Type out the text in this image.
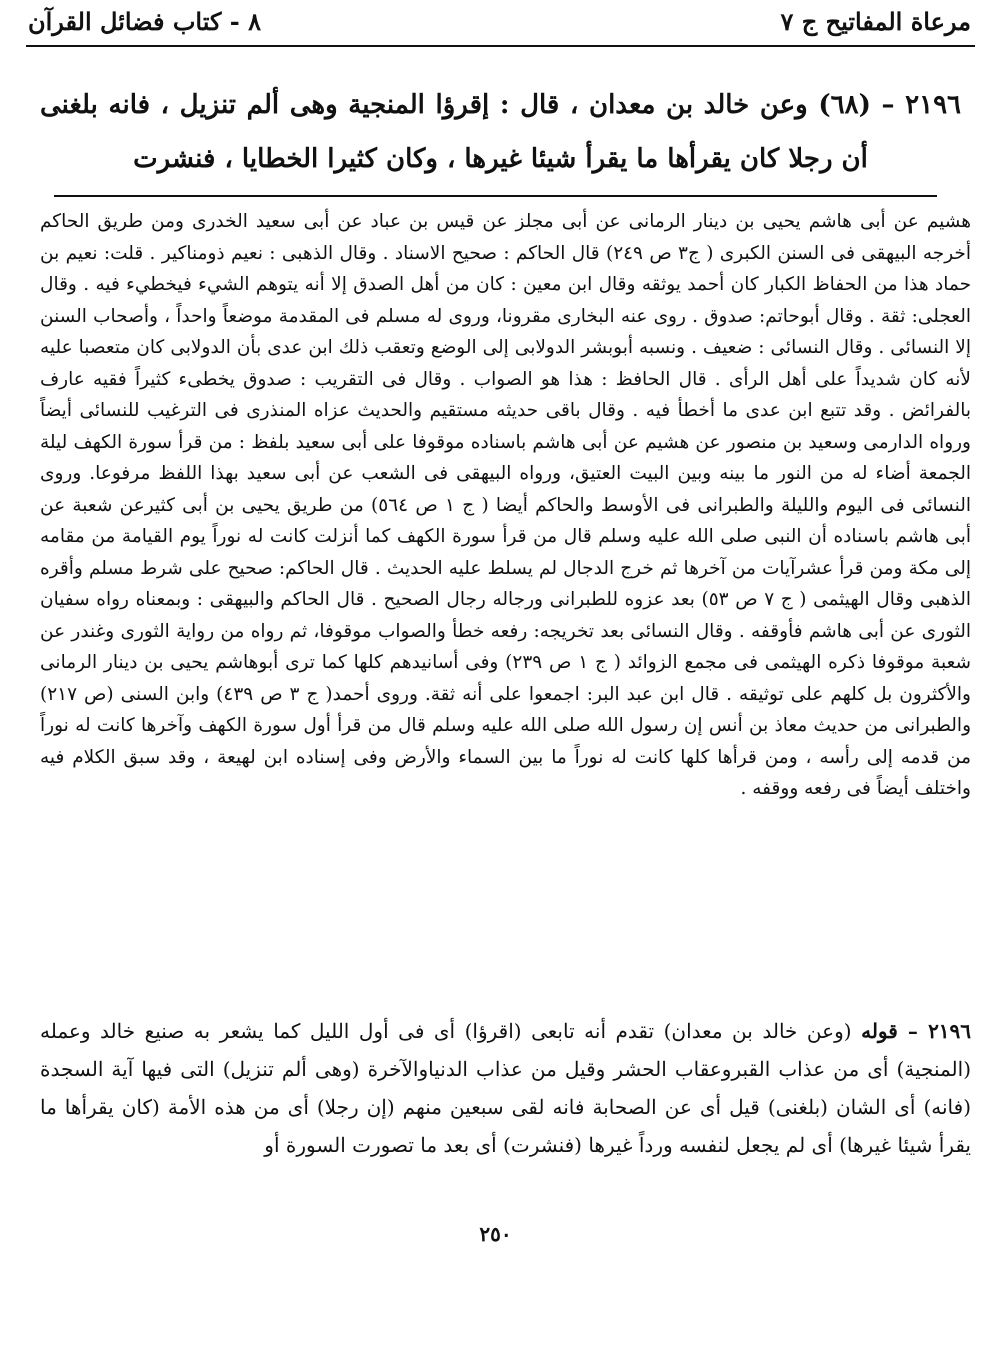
مرعاة المفاتيح ج ٧
٨ - كتاب فضائل القرآن
٢١٩٦ – (٦٨) وعن خالد بن معدان ، قال : إقرؤا المنجية وهى ألم تنزيل ، فانه بلغنى أن رجلا كان يقرأها ما يقرأ شيئا غيرها ، وكان كثيرا الخطايا ، فنشرت

هشيم عن أبى هاشم يحيى بن دينار الرمانى عن أبى مجلز عن قيس بن عباد عن أبى سعيد الخدرى ومن طريق الحاكم أخرجه البيهقى فى السنن الكبرى ( ج٣ ص ٢٤٩) قال الحاكم : صحيح الاسناد . وقال الذهبى : نعيم ذومناكير . قلت: نعيم بن حماد هذا من الحفاظ الكبار كان أحمد يوثقه وقال ابن معين : كان من أهل الصدق إلا أنه يتوهم الشيء فيخطيء فيه . وقال العجلى: ثقة . وقال أبوحاتم: صدوق . روى عنه البخارى مقرونا، وروى له مسلم فى المقدمة موضعاً واحداً ، وأصحاب السنن إلا النسائى . وقال النسائى : ضعيف . ونسبه أبوبشر الدولابى إلى الوضع وتعقب ذلك ابن عدى بأن الدولابى كان متعصبا عليه لأنه كان شديداً على أهل الرأى . قال الحافظ : هذا هو الصواب . وقال فى التقريب : صدوق يخطىء كثيراً فقيه عارف بالفرائض . وقد تتبع ابن عدى ما أخطأ فيه . وقال باقى حديثه مستقيم والحديث عزاه المنذرى فى الترغيب للنسائى أيضاً ورواه الدارمى وسعيد بن منصور عن هشيم عن أبى هاشم باسناده موقوفا على أبى سعيد بلفظ : من قرأ سورة الكهف ليلة الجمعة أضاء له من النور ما بينه وبين البيت العتيق، ورواه البيهقى فى الشعب عن أبى سعيد بهذا اللفظ مرفوعا. وروى النسائى فى اليوم والليلة والطبرانى فى الأوسط والحاكم أيضا ( ج ١ ص ٥٦٤) من طريق يحيى بن أبى كثيرعن شعبة عن أبى هاشم باسناده أن النبى صلى الله عليه وسلم قال من قرأ سورة الكهف كما أنزلت كانت له نوراً يوم القيامة من مقامه إلى مكة ومن قرأ عشرآيات من آخرها ثم خرج الدجال لم يسلط عليه الحديث . قال الحاكم: صحيح على شرط مسلم وأقره الذهبى وقال الهيثمى ( ج ٧ ص ٥٣) بعد عزوه للطبرانى ورجاله رجال الصحيح . قال الحاكم والبيهقى : وبمعناه رواه سفيان الثورى عن أبى هاشم فأوقفه . وقال النسائى بعد تخريجه: رفعه خطأ والصواب موقوفا، ثم رواه من رواية الثورى وغندر عن شعبة موقوفا ذكره الهيثمى فى مجمع الزوائد ( ج ١ ص ٢٣٩) وفى أسانيدهم كلها كما ترى أبوهاشم يحيى بن دينار الرمانى والأكثرون بل كلهم على توثيقه . قال ابن عبد البر: اجمعوا على أنه ثقة. وروى أحمد( ج ٣ ص ٤٣٩) وابن السنى (ص ٢١٧) والطبرانى من حديث معاذ بن أنس إن رسول الله صلى الله عليه وسلم قال من قرأ أول سورة الكهف وآخرها كانت له نوراً من قدمه إلى رأسه ، ومن قرأها كلها كانت له نوراً ما بين السماء والأرض وفى إسناده ابن لهيعة ، وقد سبق الكلام فيه واختلف أيضاً فى رفعه ووقفه .

٢١٩٦ – قوله (وعن خالد بن معدان) تقدم أنه تابعى (اقرؤا) أى فى أول الليل كما يشعر به صنيع خالد وعمله (المنجية) أى من عذاب القبروعقاب الحشر وقيل من عذاب الدنياوالآخرة (وهى ألم تنزيل) التى فيها آية السجدة (فانه) أى الشان (بلغنى) قيل أى عن الصحابة فانه لقى سبعين منهم (إن رجلا) أى من هذه الأمة (كان يقرأها ما يقرأ شيئا غيرها) أى لم يجعل لنفسه ورداً غيرها (فنشرت) أى بعد ما تصورت السورة أو

٢٥٠
